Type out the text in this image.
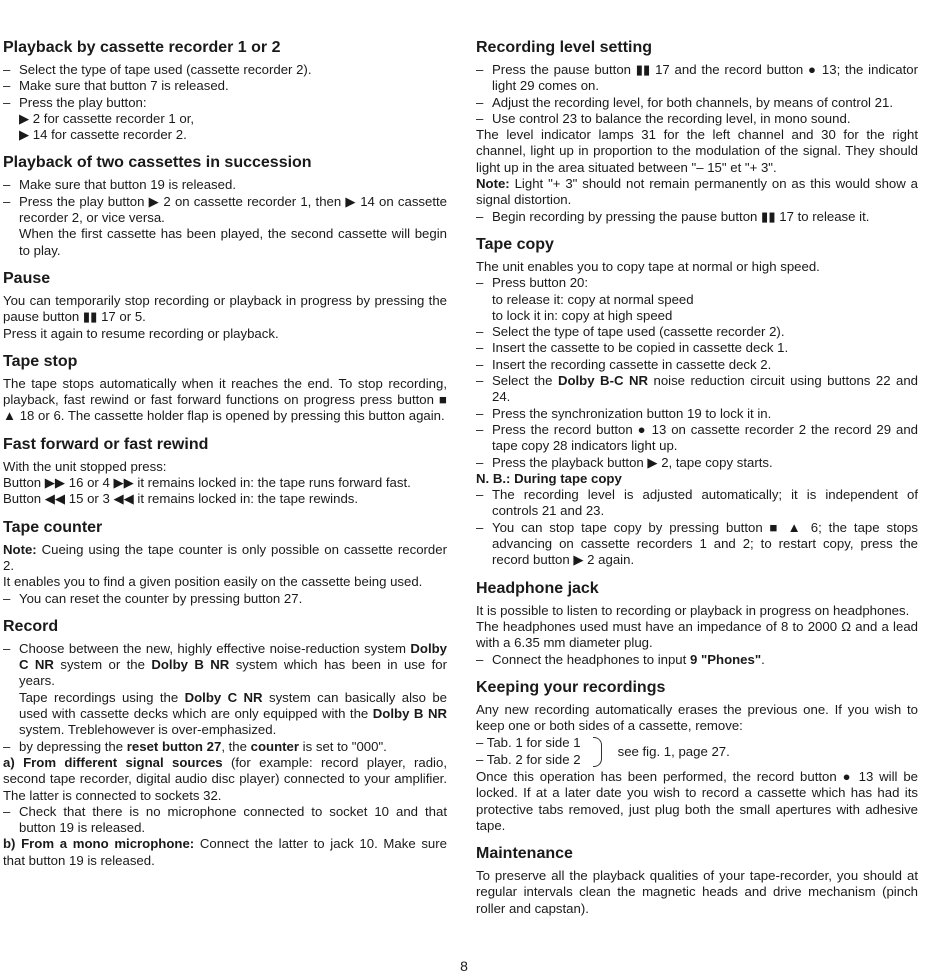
Playback by cassette recorder 1 or 2
– Select the type of tape used (cassette recorder 2).
– Make sure that button 7 is released.
– Press the play button:
▶ 2 for cassette recorder 1 or,
▶ 14 for cassette recorder 2.
Playback of two cassettes in succession
– Make sure that button 19 is released.
– Press the play button ▶ 2 on cassette recorder 1, then ▶ 14 on cassette recorder 2, or vice versa.
When the first cassette has been played, the second cassette will begin to play.
Pause

You can temporarily stop recording or playback in progress by pressing the pause button ▮▮ 17 or 5.

Press it again to resume recording or playback.

Tape stop

The tape stops automatically when it reaches the end. To stop recording, playback, fast rewind or fast forward functions on progress press button ■ ▲ 18 or 6. The cassette holder flap is opened by pressing this button again.

Fast forward or fast rewind

With the unit stopped press:

Button ▶▶ 16 or 4 ▶▶ it remains locked in: the tape runs forward fast.

Button ◀◀ 15 or 3 ◀◀ it remains locked in: the tape rewinds.

Tape counter

Note: Cueing using the tape counter is only possible on cassette recorder 2.

It enables you to find a given position easily on the cassette being used.

– You can reset the counter by pressing button 27.
Record
– Choose between the new, highly effective noise-reduction system Dolby C NR system or the Dolby B NR system which has been in use for years.
Tape recordings using the Dolby C NR system can basically also be used with cassette decks which are only equipped with the Dolby B NR system. Treblehowever is over-emphasized.
– by depressing the reset button 27, the counter is set to "000".

a) From different signal sources (for example: record player, radio, second tape recorder, digital audio disc player) connected to your amplifier. The latter is connected to sockets 32.

– Check that there is no microphone connected to socket 10 and that button 19 is released.

b) From a mono microphone: Connect the latter to jack 10. Make sure that button 19 is released.

Recording level setting
– Press the pause button ▮▮ 17 and the record button ● 13; the indicator light 29 comes on.
– Adjust the recording level, for both channels, by means of control 21.
– Use control 23 to balance the recording level, in mono sound.

The level indicator lamps 31 for the left channel and 30 for the right channel, light up in proportion to the modulation of the signal. They should light up in the area situated between "– 15" et "+ 3".

Note: Light "+ 3" should not remain permanently on as this would show a signal distortion.

– Begin recording by pressing the pause button ▮▮ 17 to release it.
Tape copy

The unit enables you to copy tape at normal or high speed.

– Press button 20:
to release it: copy at normal speed
to lock it in: copy at high speed
– Select the type of tape used (cassette recorder 2).
– Insert the cassette to be copied in cassette deck 1.
– Insert the recording cassette in cassette deck 2.
– Select the Dolby B-C NR noise reduction circuit using buttons 22 and 24.
– Press the synchronization button 19 to lock it in.
– Press the record button ● 13 on cassette recorder 2 the record 29 and tape copy 28 indicators light up.
– Press the playback button ▶ 2, tape copy starts.

N. B.: During tape copy

– The recording level is adjusted automatically; it is independent of controls 21 and 23.
– You can stop tape copy by pressing button ■ ▲ 6; the tape stops advancing on cassette recorders 1 and 2; to restart copy, press the record button ▶ 2 again.
Headphone jack

It is possible to listen to recording or playback in progress on headphones.

The headphones used must have an impedance of 8 to 2000 Ω and a lead with a 6.35 mm diameter plug.

– Connect the headphones to input 9 "Phones".
Keeping your recordings

Any new recording automatically erases the previous one. If you wish to keep one or both sides of a cassette, remove:

– Tab. 1 for side 1
– Tab. 2 for side 2
see fig. 1, page 27.

Once this operation has been performed, the record button ● 13 will be locked. If at a later date you wish to record a cassette which has had its protective tabs removed, just plug both the small apertures with adhesive tape.

Maintenance

To preserve all the playback qualities of your tape-recorder, you should at regular intervals clean the magnetic heads and drive mechanism (pinch roller and capstan).

8
